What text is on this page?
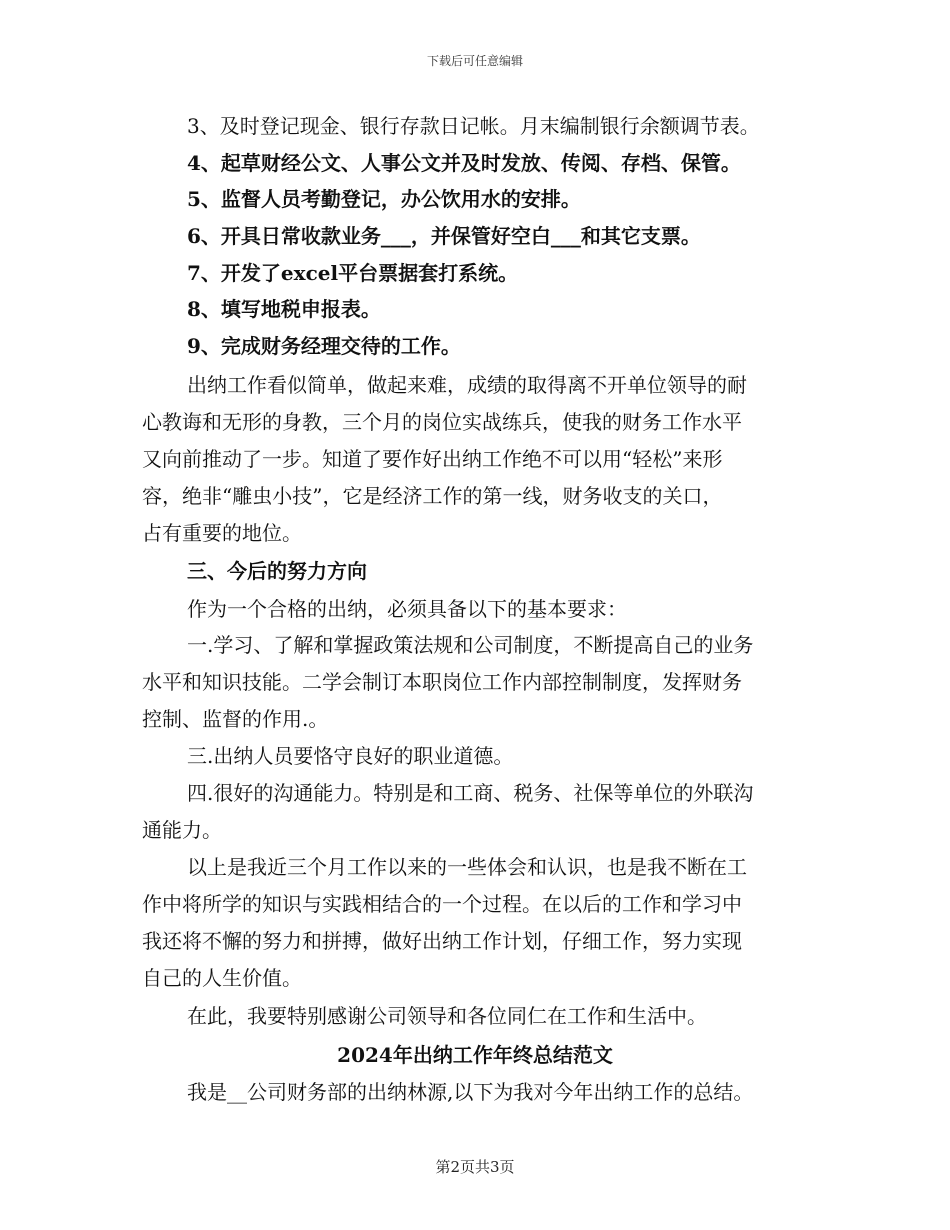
下载后可任意编辑
3、及时登记现金、银行存款日记帐。月末编制银行余额调节表。
4、起草财经公文、人事公文并及时发放、传阅、存档、保管。
5、监督人员考勤登记，办公饮用水的安排。
6、开具日常收款业务___，并保管好空白___和其它支票。
7、开发了excel平台票据套打系统。
8、填写地税申报表。
9、完成财务经理交待的工作。
出纳工作看似简单，做起来难，成绩的取得离不开单位领导的耐
心教诲和无形的身教，三个月的岗位实战练兵，使我的财务工作水平
又向前推动了一步。知道了要作好出纳工作绝不可以用“轻松”来形
容，绝非“雕虫小技”，它是经济工作的第一线，财务收支的关口，
占有重要的地位。
三、今后的努力方向
作为一个合格的出纳，必须具备以下的基本要求：
一.学习、了解和掌握政策法规和公司制度，不断提高自己的业务
水平和知识技能。二学会制订本职岗位工作内部控制制度，发挥财务
控制、监督的作用.。
三.出纳人员要恪守良好的职业道德。
四.很好的沟通能力。特别是和工商、税务、社保等单位的外联沟
通能力。
以上是我近三个月工作以来的一些体会和认识，也是我不断在工
作中将所学的知识与实践相结合的一个过程。在以后的工作和学习中
我还将不懈的努力和拼搏，做好出纳工作计划，仔细工作，努力实现
自己的人生价值。
在此，我要特别感谢公司领导和各位同仁在工作和生活中。
2024年出纳工作年终总结范文
我是__公司财务部的出纳林源,以下为我对今年出纳工作的总结。
第2页共3页
